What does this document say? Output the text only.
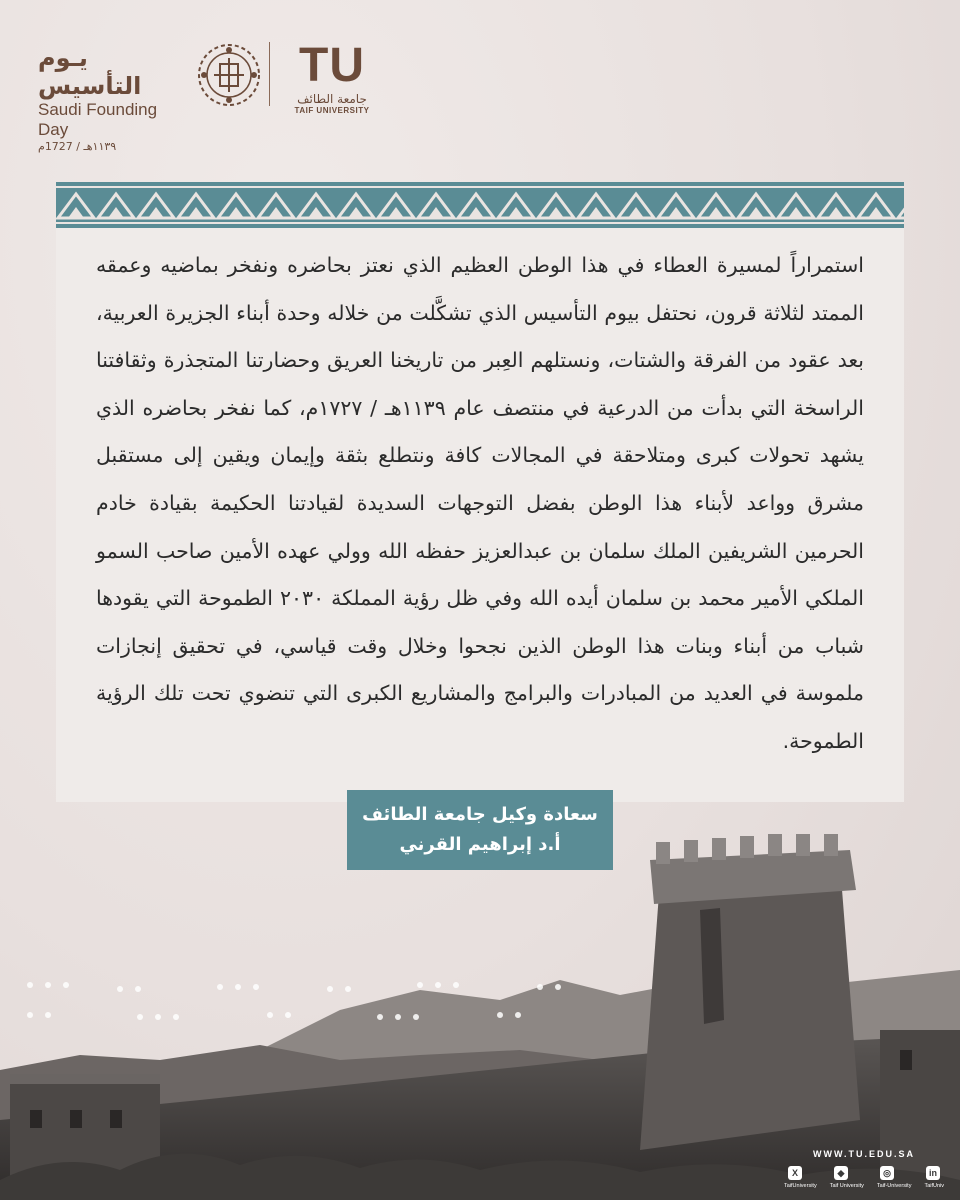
يـوم التأسيس
Saudi Founding Day
١١٣٩هـ / 1727م
TU
جامعة الطائف
TAIF UNIVERSITY

استمراراً لمسيرة العطاء في هذا الوطن العظيم الذي نعتز بحاضره ونفخر بماضيه وعمقه الممتد لثلاثة قرون، نحتفل بيوم التأسيس الذي تشكَّلت من خلاله وحدة أبناء الجزيرة العربية، بعد عقود من الفرقة والشتات، ونستلهم العِبر من تاريخنا العريق وحضارتنا المتجذرة وثقافتنا الراسخة التي بدأت من الدرعية في منتصف عام ١١٣٩هـ / ١٧٢٧م، كما نفخر بحاضره الذي يشهد تحولات كبرى ومتلاحقة في المجالات كافة ونتطلع بثقة وإيمان ويقين إلى مستقبل مشرق وواعد لأبناء هذا الوطن بفضل التوجهات السديدة لقيادتنا الحكيمة بقيادة خادم الحرمين الشريفين الملك سلمان بن عبدالعزيز حفظه الله وولي عهده الأمين صاحب السمو الملكي الأمير محمد بن سلمان أيده الله وفي ظل رؤية المملكة ٢٠٣٠ الطموحة التي يقودها شباب من أبناء وبنات هذا الوطن الذين نجحوا وخلال وقت قياسي، في تحقيق إنجازات ملموسة في العديد من المبادرات والبرامج والمشاريع الكبرى التي تنضوي تحت تلك الرؤية الطموحة.

سعادة وكيل جامعة الطائف
أ.د إبراهيم القرني
WWW.TU.EDU.SA
X	◆	◎	in
TaifUniversity Taif University Taif-University TaifUniv
